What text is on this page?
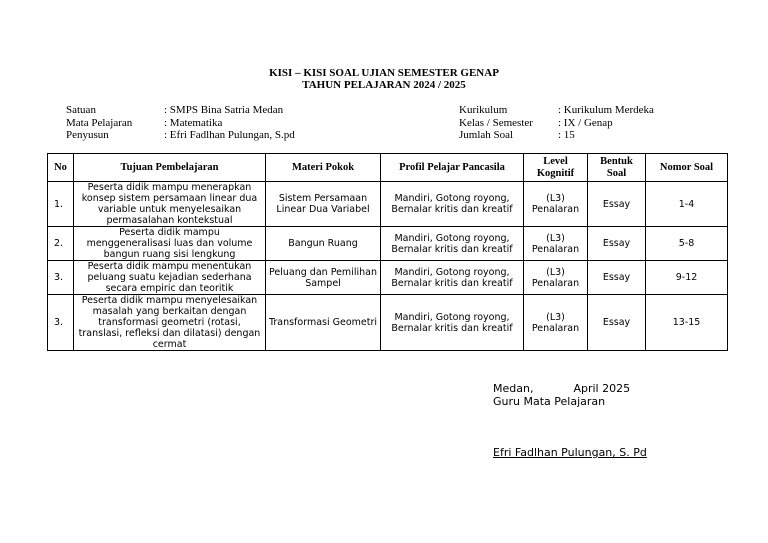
KISI – KISI SOAL UJIAN SEMESTER GENAP
TAHUN PELAJARAN 2024 / 2025
Satuan	: SMPS Bina Satria Medan
Mata Pelajaran	: Matematika
Penyusun	: Efri Fadlhan Pulungan, S.pd
Kurikulum	: Kurikulum Merdeka
Kelas / Semester	: IX / Genap
Jumlah Soal	: 15
No	Tujuan Pembelajaran	Materi Pokok	Profil Pelajar Pancasila	Level Kognitif	Bentuk Soal	Nomor Soal
1.	Peserta didik mampu menerapkan konsep sistem persamaan linear dua variable untuk menyelesaikan permasalahan kontekstual	Sistem Persamaan Linear Dua Variabel	Mandiri, Gotong royong, Bernalar kritis dan kreatif	(L3) Penalaran	Essay	1-4
2.	Peserta didik mampu menggeneralisasi luas dan volume bangun ruang sisi lengkung	Bangun Ruang	Mandiri, Gotong royong, Bernalar kritis dan kreatif	(L3) Penalaran	Essay	5-8
3.	Peserta didik mampu menentukan peluang suatu kejadian sederhana secara empiric dan teoritik	Peluang dan Pemilihan Sampel	Mandiri, Gotong royong, Bernalar kritis dan kreatif	(L3) Penalaran	Essay	9-12
3.	Peserta didik mampu menyelesaikan masalah yang berkaitan dengan transformasi geometri (rotasi, translasi, refleksi dan dilatasi) dengan cermat	Transformasi Geometri	Mandiri, Gotong royong, Bernalar kritis dan kreatif	(L3) Penalaran	Essay	13-15
Medan,	April 2025
Guru Mata Pelajaran
Efri Fadlhan Pulungan, S. Pd
